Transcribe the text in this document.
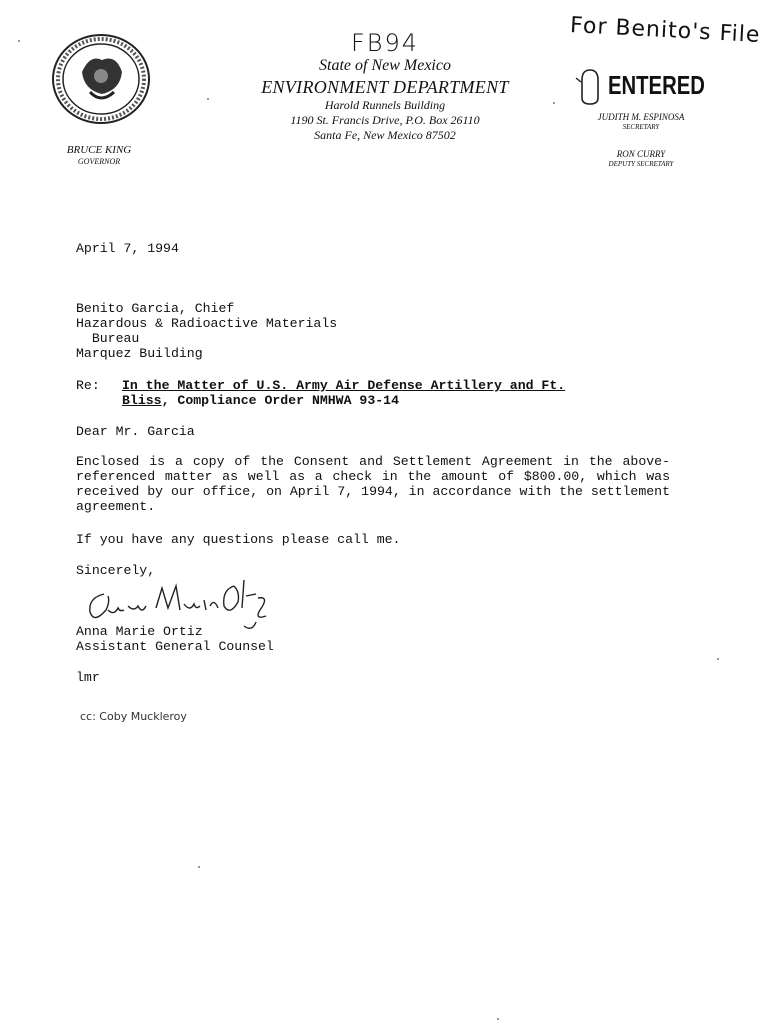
FB94
State of New Mexico
ENVIRONMENT DEPARTMENT
Harold Runnels Building
1190 St. Francis Drive, P.O. Box 26110
Santa Fe, New Mexico 87502
BRUCE KING
GOVERNOR
For Benito's File
ENTERED
JUDITH M. ESPINOSA
SECRETARY
RON CURRY
DEPUTY SECRETARY
April 7, 1994
Benito Garcia, Chief
Hazardous & Radioactive Materials
Bureau
Marquez Building
Re: In the Matter of U.S. Army Air Defense Artillery and Ft.
Bliss, Compliance Order NMHWA 93-14
Dear Mr. Garcia
Enclosed is a copy of the Consent and Settlement Agreement in the above-referenced matter as well as a check in the amount of $800.00, which was received by our office, on April 7, 1994, in accordance with the settlement agreement.
If you have any questions please call me.
Sincerely,
Anna Marie Ortiz
Assistant General Counsel
lmr
cc: Coby Muckleroy
